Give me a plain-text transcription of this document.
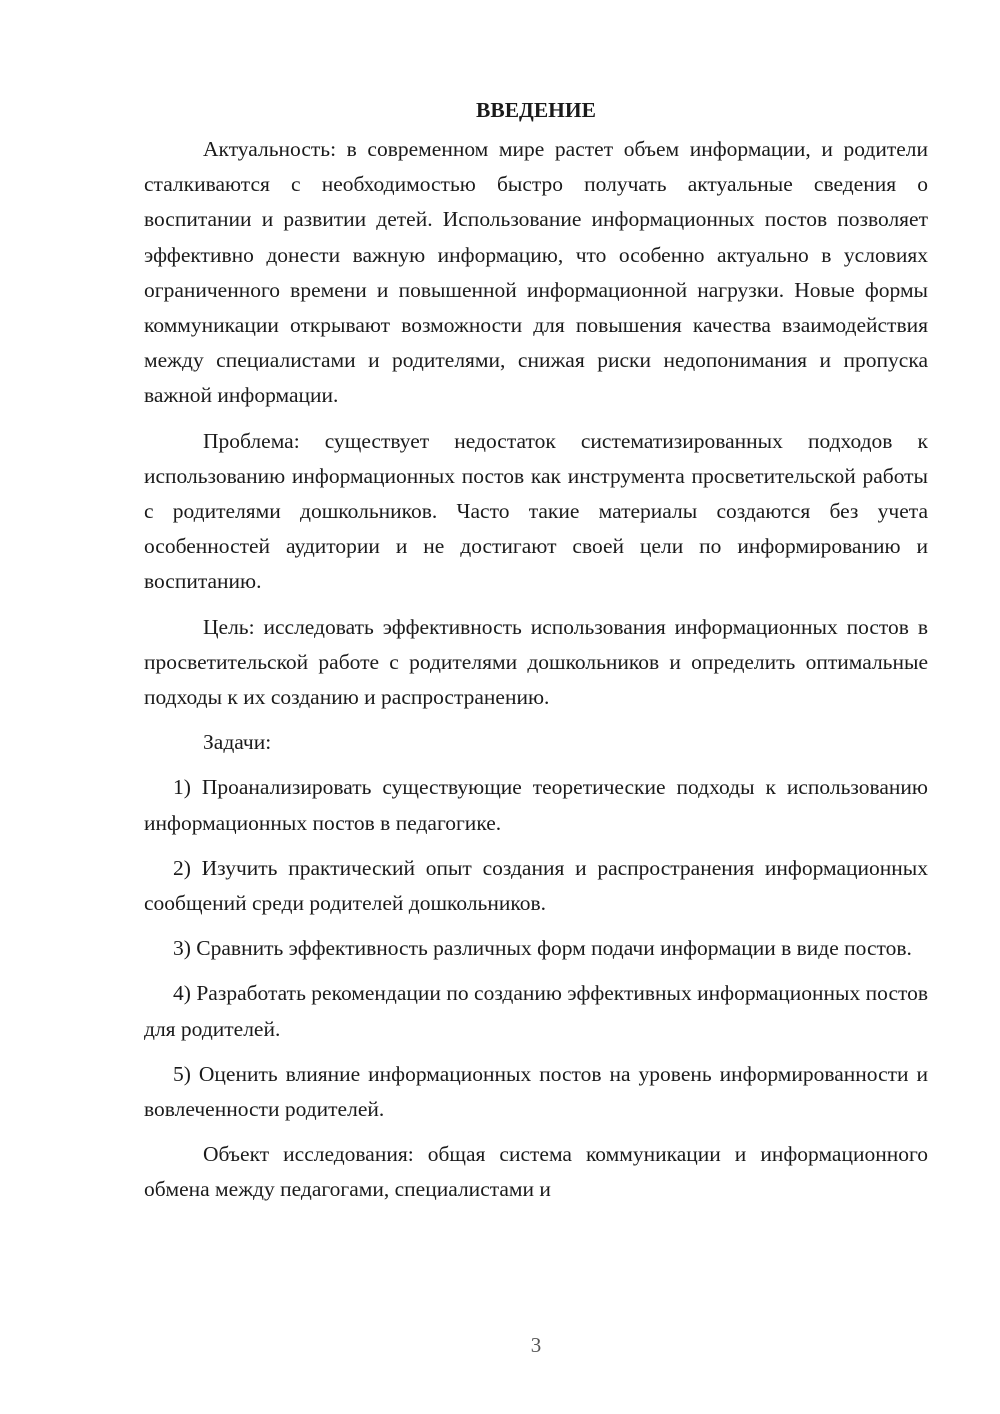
ВВЕДЕНИЕ

Актуальность: в современном мире растет объем информации, и родители сталкиваются с необходимостью быстро получать актуальные сведения о воспитании и развитии детей. Использование информационных постов позволяет эффективно донести важную информацию, что особенно актуально в условиях ограниченного времени и повышенной информационной нагрузки. Новые формы коммуникации открывают возможности для повышения качества взаимодействия между специалистами и родителями, снижая риски недопонимания и пропуска важной информации.

Проблема: существует недостаток систематизированных подходов к использованию информационных постов как инструмента просветительской работы с родителями дошкольников. Часто такие материалы создаются без учета особенностей аудитории и не достигают своей цели по информированию и воспитанию.

Цель: исследовать эффективность использования информационных постов в просветительской работе с родителями дошкольников и определить оптимальные подходы к их созданию и распространению.

Задачи:

1) Проанализировать существующие теоретические подходы к использованию информационных постов в педагогике.

2) Изучить практический опыт создания и распространения информационных сообщений среди родителей дошкольников.

3) Сравнить эффективность различных форм подачи информации в виде постов.

4) Разработать рекомендации по созданию эффективных информационных постов для родителей.

5) Оценить влияние информационных постов на уровень информированности и вовлеченности родителей.

Объект исследования: общая система коммуникации и информационного обмена между педагогами, специалистами и

3
